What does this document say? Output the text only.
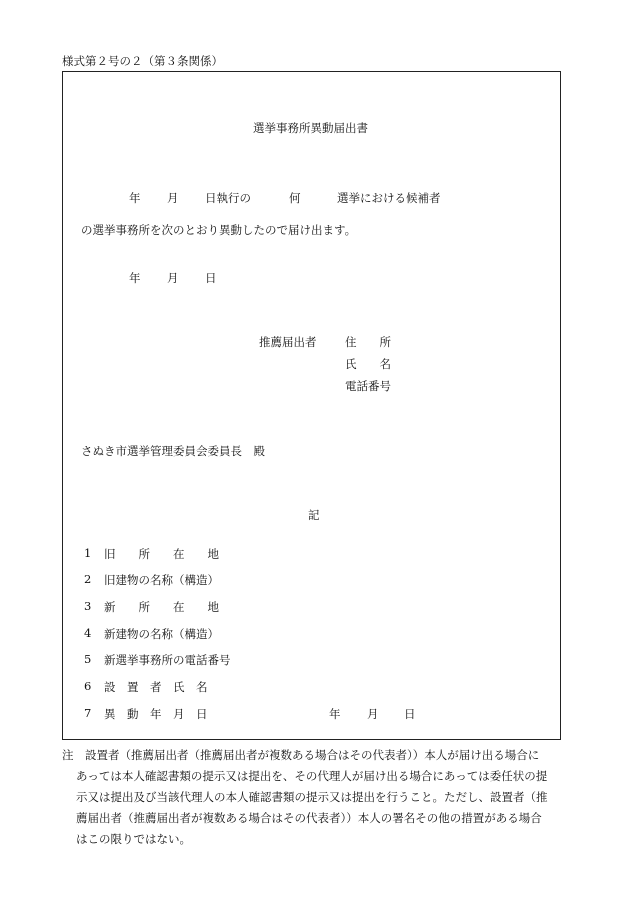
様式第２号の２（第３条関係）
選挙事務所異動届出書
年 月 日執行の	何	選挙における候補者
の選挙事務所を次のとおり異動したので届け出ます。
年 月 日
推薦届出者 住　　所
氏　　名
電話番号
さぬき市選挙管理委員会委員長　殿
記
1 旧　　所　　在　　地
2 旧建物の名称（構造）
3 新　　所　　在　　地
4 新建物の名称（構造）
5 新選挙事務所の電話番号
6 設　置　者　氏　名
7 異　動　年　月　日	年 月 日
注　 設置者（推薦届出者（推薦届出者が複数ある場合はその代表者））本人が届け出る場合に
あっては本人確認書類の提示又は提出を、その代理人が届け出る場合にあっては委任状の提
示又は提出及び当該代理人の本人確認書類の提示又は提出を行うこと。ただし、設置者（推
薦届出者（推薦届出者が複数ある場合はその代表者））本人の署名その他の措置がある場合
はこの限りではない。
